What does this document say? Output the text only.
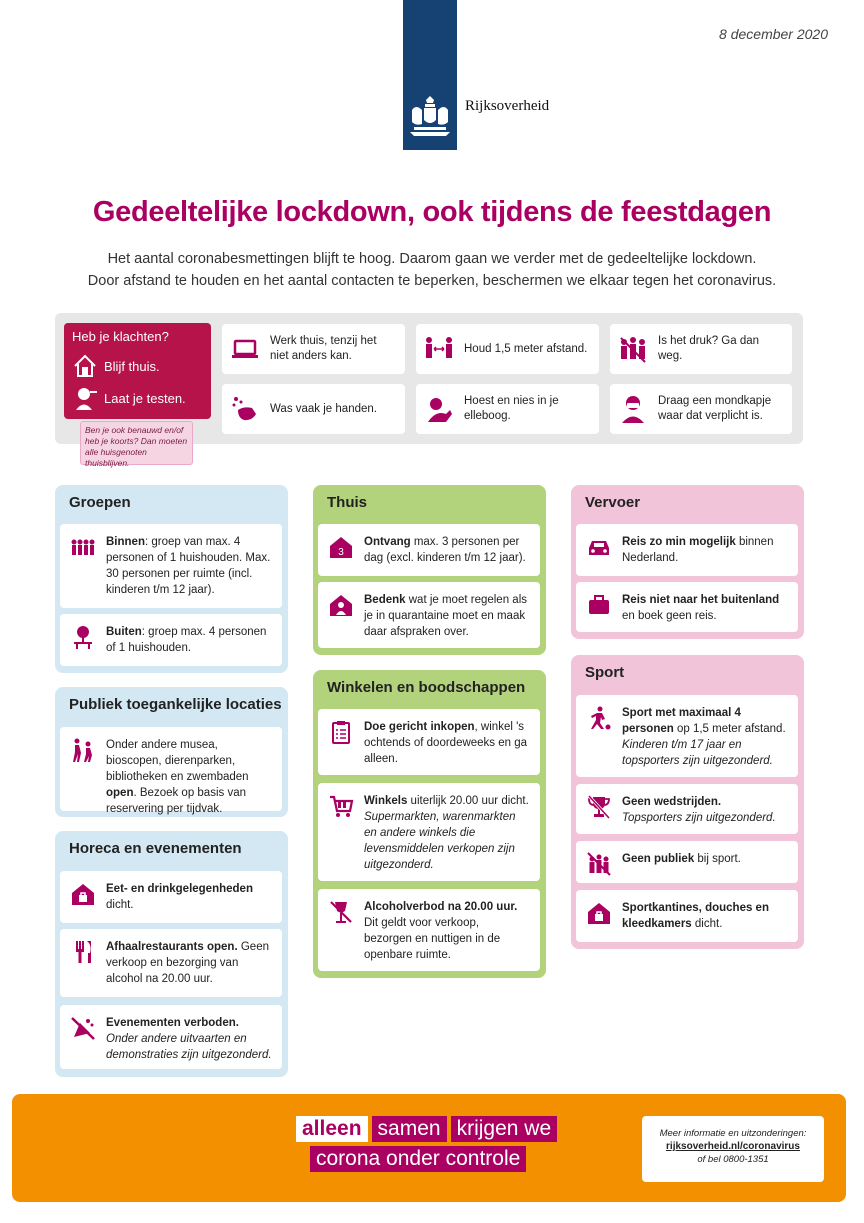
Rijksoverheid
8 december 2020
Gedeeltelijke lockdown, ook tijdens de feestdagen
Het aantal coronabesmettingen blijft te hoog. Daarom gaan we verder met de gedeeltelijke lockdown.
Door afstand te houden en het aantal contacten te beperken, beschermen we elkaar tegen het coronavirus.
Heb je klachten?
Blijf thuis.
Laat je testen.
Ben je ook benauwd en/of heb je koorts? Dan moeten alle huisgenoten thuisblijven.
Werk thuis, tenzij het niet anders kan.
Houd 1,5 meter afstand.
Is het druk? Ga dan weg.
Was vaak je handen.
Hoest en nies in je elleboog.
Draag een mondkapje waar dat verplicht is.
Groepen
Binnen: groep van max. 4 personen of 1 huishouden. Max. 30 personen per ruimte (incl. kinderen t/m 12 jaar).
Buiten: groep max. 4 personen of 1 huishouden.
Publiek toegankelijke locaties
Onder andere musea, bioscopen, dierenparken, bibliotheken en zwembaden open. Bezoek op basis van reservering per tijdvak.
Horeca en evenementen
Eet- en drinkgelegenheden dicht.
Afhaalrestaurants open. Geen verkoop en bezorging van alcohol na 20.00 uur.
Evenementen verboden.
Onder andere uitvaarten en demonstraties zijn uitgezonderd.
Thuis
3
Ontvang max. 3 personen per dag (excl. kinderen t/m 12 jaar).
Bedenk wat je moet regelen als je in quarantaine moet en maak daar afspraken over.
Winkelen en boodschappen
Doe gericht inkopen, winkel 's ochtends of doordeweeks en ga alleen.
Winkels uiterlijk 20.00 uur dicht. Supermarkten, warenmarkten en andere winkels die levensmiddelen verkopen zijn uitgezonderd.
Alcoholverbod na 20.00 uur. Dit geldt voor verkoop, bezorgen en nuttigen in de openbare ruimte.
Vervoer
Reis zo min mogelijk binnen Nederland.
Reis niet naar het buitenland en boek geen reis.
Sport
Sport met maximaal 4 personen op 1,5 meter afstand.
Kinderen t/m 17 jaar en topsporters zijn uitgezonderd.
Geen wedstrijden.
Topsporters zijn uitgezonderd.
Geen publiek bij sport.
Sportkantines, douches en kleedkamers dicht.
alleen samen krijgen we
corona onder controle
Meer informatie en uitzonderingen:
rijksoverheid.nl/coronavirus
of bel 0800-1351
